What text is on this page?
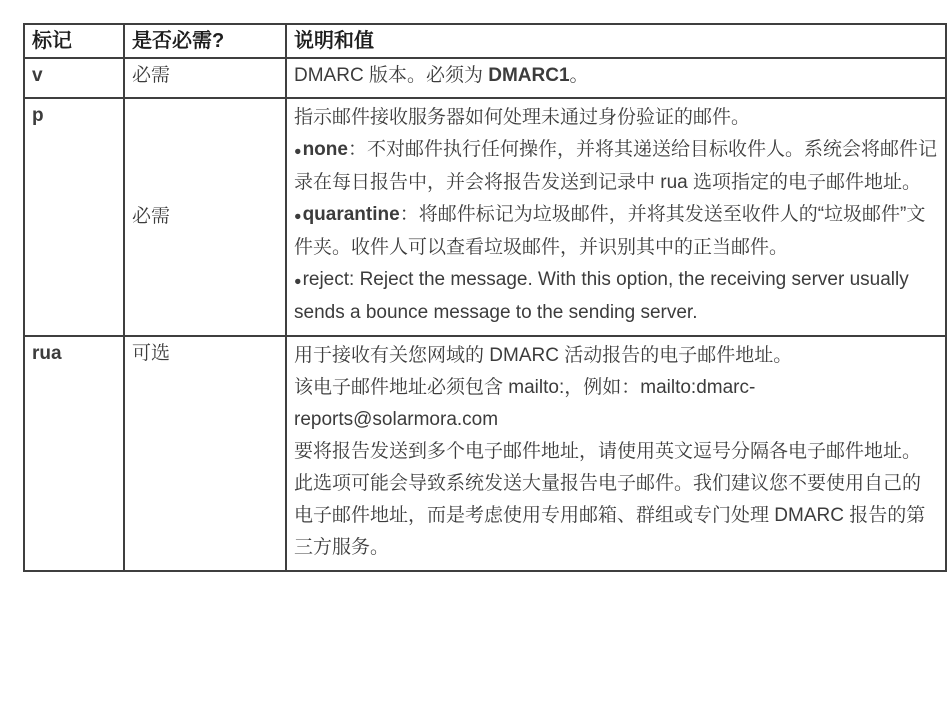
标记	是否必需?	说明和值
v	必需	DMARC 版本。必须为 DMARC1。

p	必需	指示邮件接收服务器如何处理未通过身份验证的邮件。

●none：不对邮件执行任何操作，并将其递送给目标收件人。系统会将邮件记录在每日报告中，并会将报告发送到记录中 rua 选项指定的电子邮件地址。

●quarantine：将邮件标记为垃圾邮件，并将其发送至收件人的“垃圾邮件”文件夹。收件人可以查看垃圾邮件，并识别其中的正当邮件。

●reject: Reject the message. With this option, the receiving server usually sends a bounce message to the sending server.

rua	可选	用于接收有关您网域的 DMARC 活动报告的电子邮件地址。

该电子邮件地址必须包含 mailto:，例如：mailto:dmarc-reports@solarmora.com

要将报告发送到多个电子邮件地址，请使用英文逗号分隔各电子邮件地址。

此选项可能会导致系统发送大量报告电子邮件。我们建议您不要使用自己的电子邮件地址，而是考虑使用专用邮箱、群组或专门处理 DMARC 报告的第三方服务。
